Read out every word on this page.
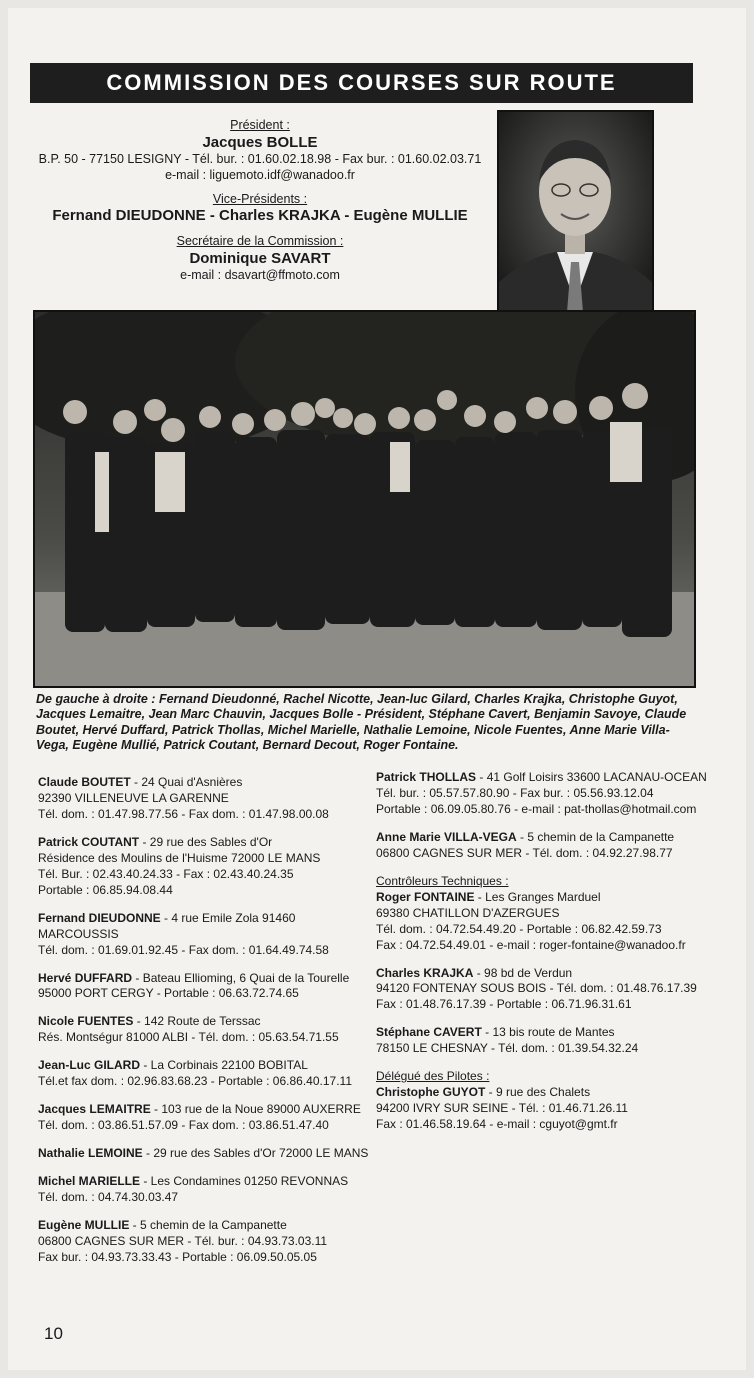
COMMISSION DES COURSES SUR ROUTE
Président :
Jacques BOLLE
B.P. 50 - 77150 LESIGNY - Tél. bur. : 01.60.02.18.98 - Fax bur. : 01.60.02.03.71
e-mail : liguemoto.idf@wanadoo.fr
Vice-Présidents :
Fernand DIEUDONNE - Charles KRAJKA - Eugène MULLIE
Secrétaire de la Commission :
Dominique SAVART
e-mail : dsavart@ffmoto.com
De gauche à droite : Fernand Dieudonné, Rachel Nicotte, Jean-luc Gilard, Charles Krajka, Christophe Guyot, Jacques Lemaitre, Jean Marc Chauvin, Jacques Bolle - Président, Stéphane Cavert, Benjamin Savoye, Claude Boutet, Hervé Duffard, Patrick Thollas, Michel Marielle, Nathalie Lemoine, Nicole Fuentes, Anne Marie Villa-Vega, Eugène Mullié, Patrick Coutant, Bernard Decout, Roger Fontaine.
Claude BOUTET - 24 Quai d'Asnières
92390 VILLENEUVE LA GARENNE
Tél. dom. : 01.47.98.77.56 - Fax dom. : 01.47.98.00.08
Patrick COUTANT - 29 rue des Sables d'Or
Résidence des Moulins de l'Huisme 72000 LE MANS
Tél. Bur. : 02.43.40.24.33 - Fax : 02.43.40.24.35
Portable : 06.85.94.08.44
Fernand DIEUDONNE - 4 rue Emile Zola 91460 MARCOUSSIS
Tél. dom. : 01.69.01.92.45 - Fax dom. : 01.64.49.74.58
Hervé DUFFARD - Bateau Ellioming, 6 Quai de la Tourelle
95000 PORT CERGY - Portable : 06.63.72.74.65
Nicole FUENTES - 142 Route de Terssac
Rés. Montségur 81000 ALBI - Tél. dom. : 05.63.54.71.55
Jean-Luc GILARD - La Corbinais 22100 BOBITAL
Tél.et fax dom. : 02.96.83.68.23 - Portable : 06.86.40.17.11
Jacques LEMAITRE - 103 rue de la Noue 89000 AUXERRE
Tél. dom. : 03.86.51.57.09 - Fax dom. : 03.86.51.47.40
Nathalie LEMOINE - 29 rue des Sables d'Or 72000 LE MANS
Michel MARIELLE - Les Condamines 01250 REVONNAS
Tél. dom. : 04.74.30.03.47
Eugène MULLIE - 5 chemin de la Campanette
06800 CAGNES SUR MER - Tél. bur. : 04.93.73.03.11
Fax bur. : 04.93.73.33.43 - Portable : 06.09.50.05.05
Patrick THOLLAS - 41 Golf Loisirs 33600 LACANAU-OCEAN
Tél. bur. : 05.57.57.80.90 - Fax bur. : 05.56.93.12.04
Portable : 06.09.05.80.76 - e-mail : pat-thollas@hotmail.com
Anne Marie VILLA-VEGA - 5 chemin de la Campanette
06800 CAGNES SUR MER - Tél. dom. : 04.92.27.98.77
Contrôleurs Techniques :
Roger FONTAINE - Les Granges Marduel
69380 CHATILLON D'AZERGUES
Tél. dom. : 04.72.54.49.20 - Portable : 06.82.42.59.73
Fax : 04.72.54.49.01 - e-mail : roger-fontaine@wanadoo.fr
Charles KRAJKA - 98 bd de Verdun
94120 FONTENAY SOUS BOIS - Tél. dom. : 01.48.76.17.39
Fax : 01.48.76.17.39 - Portable : 06.71.96.31.61
Stéphane CAVERT - 13 bis route de Mantes
78150 LE CHESNAY - Tél. dom. : 01.39.54.32.24
Délégué des Pilotes :
Christophe GUYOT - 9 rue des Chalets
94200 IVRY SUR SEINE - Tél. : 01.46.71.26.11
Fax : 01.46.58.19.64 - e-mail : cguyot@gmt.fr
10
